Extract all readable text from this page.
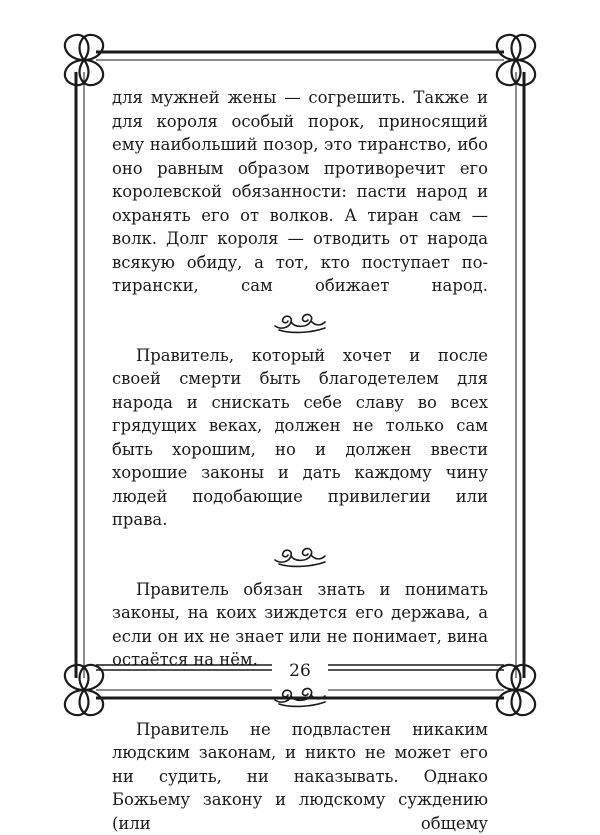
для мужней жены — согрешить. Также и для короля особый порок, приносящий ему наибольший позор, это тиранство, ибо оно равным образом противоречит его королевской обязанности: пасти народ и охранять его от волков. А тиран сам — волк. Долг короля — отводить от народа всякую обиду, а тот, кто поступает по-тирански, сам обижает народ.

Правитель, который хочет и после своей смерти быть благодетелем для народа и снискать себе славу во всех грядущих веках, должен не только сам быть хорошим, но и должен ввести хорошие законы и дать каждому чину людей подобающие привилегии или права.

Правитель обязан знать и понимать законы, на коих зиждется его держава, а если он их не знает или не понимает, вина остаётся на нём.

Правитель не подвластен никаким людским законам, и никто не может его ни судить, ни наказывать. Однако Божьему закону и людскому суждению (или общему

26
